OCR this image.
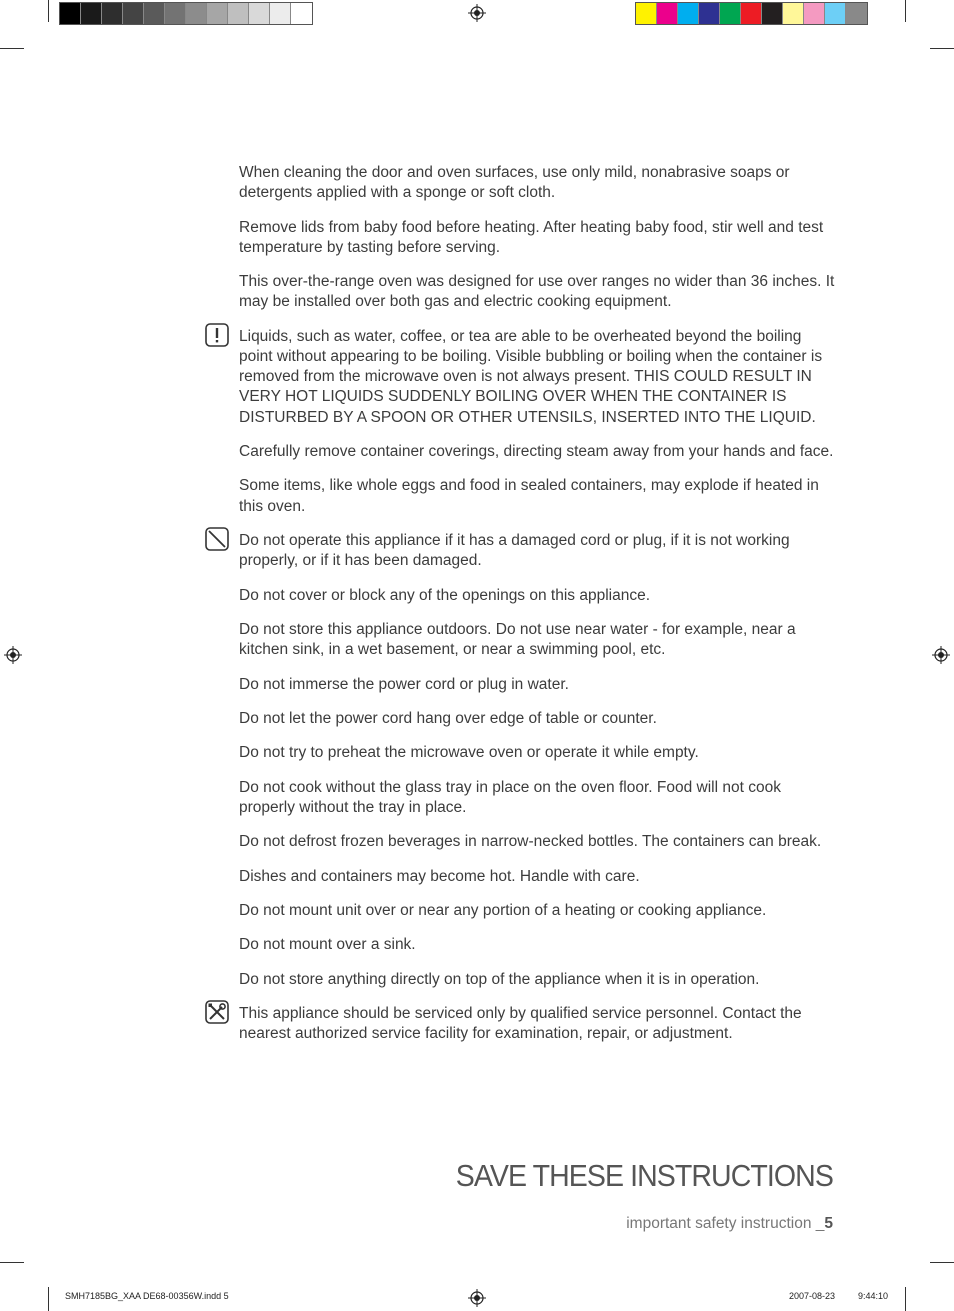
When cleaning the door and oven surfaces, use only mild, nonabrasive soaps or detergents applied with a sponge or soft cloth.

Remove lids from baby food before heating. After heating baby food, stir well and test temperature by tasting before serving.

This over-the-range oven was designed for use over ranges no wider than 36 inches. It may be installed over both gas and electric cooking equipment.

Liquids, such as water, coffee, or tea are able to be overheated beyond the boiling point without appearing to be boiling. Visible bubbling or boiling when the container is removed from the microwave oven is not always present. THIS COULD RESULT IN VERY HOT LIQUIDS SUDDENLY BOILING OVER WHEN THE CONTAINER IS DISTURBED BY A SPOON OR OTHER UTENSILS, INSERTED INTO THE LIQUID.

Carefully remove container coverings, directing steam away from your hands and face.

Some items, like whole eggs and food in sealed containers, may explode if heated in this oven.

Do not operate this appliance if it has a damaged cord or plug, if it is not working properly, or if it has been damaged.

Do not cover or block any of the openings on this appliance.

Do not store this appliance outdoors. Do not use near water - for example, near a kitchen sink, in a wet basement, or near a swimming pool, etc.

Do not immerse the power cord or plug in water.

Do not let the power cord hang over edge of table or counter.

Do not try to preheat the microwave oven or operate it while empty.

Do not cook without the glass tray in place on the oven floor. Food will not cook properly without the tray in place.

Do not defrost frozen beverages in narrow-necked bottles. The containers can break.

Dishes and containers may become hot. Handle with care.

Do not mount unit over or near any portion of a heating or cooking appliance.

Do not mount over a sink.

Do not store anything directly on top of the appliance when it is in operation.

This appliance should be serviced only by qualified service personnel. Contact the nearest authorized service facility for examination, repair, or adjustment.

SAVE THESE INSTRUCTIONS
important safety instruction _5
SMH7185BG_XAA DE68-00356W.indd 5	2007-08-23	9:44:10
